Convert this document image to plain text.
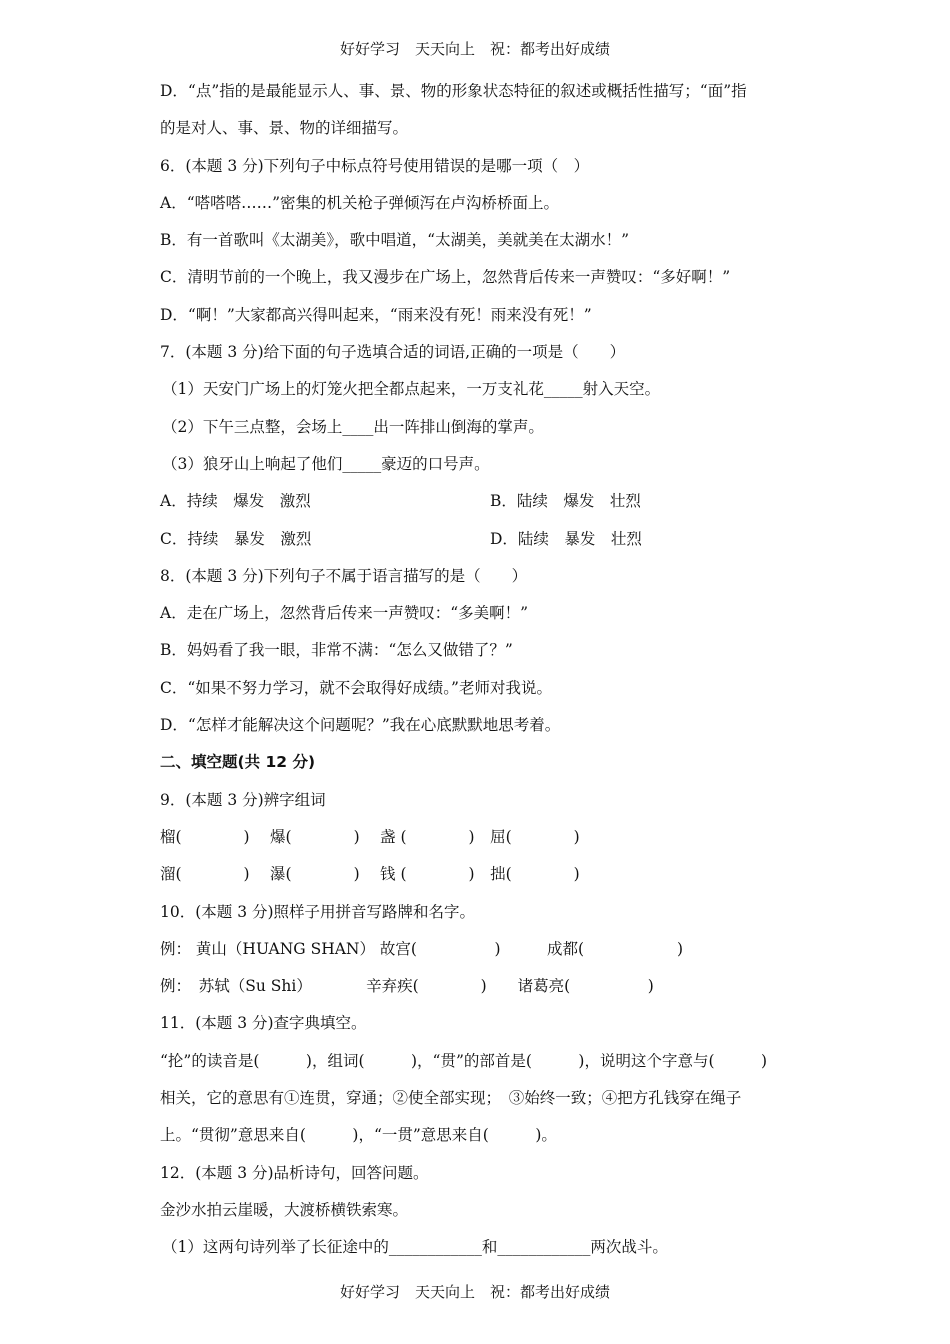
好好学习　天天向上　祝：都考出好成绩
D．“点”指的是最能显示人、事、景、物的形象状态特征的叙述或概括性描写；“面”指
的是对人、事、景、物的详细描写。
6．(本题 3 分)下列句子中标点符号使用错误的是哪一项（　）
A．“嗒嗒嗒……”密集的机关枪子弹倾泻在卢沟桥桥面上。
B．有一首歌叫《太湖美》，歌中唱道，“太湖美，美就美在太湖水！”
C．清明节前的一个晚上，我又漫步在广场上，忽然背后传来一声赞叹：“多好啊！”
D．“啊！”大家都高兴得叫起来，“雨来没有死！雨来没有死！”
7．(本题 3 分)给下面的句子选填合适的词语,正确的一项是（　　）
（1）天安门广场上的灯笼火把全都点起来，一万支礼花_____射入天空。
（2）下午三点整，会场上____出一阵排山倒海的掌声。
（3）狼牙山上响起了他们_____豪迈的口号声。
A．持续　爆发　激烈	B．陆续　爆发　壮烈
C．持续　暴发　激烈	D．陆续　暴发　壮烈
8．(本题 3 分)下列句子不属于语言描写的是（　　）
A．走在广场上，忽然背后传来一声赞叹：“多美啊！”
B．妈妈看了我一眼，非常不满：“怎么又做错了？”
C．“如果不努力学习，就不会取得好成绩。”老师对我说。
D．“怎样才能解决这个问题呢？”我在心底默默地思考着。
二、填空题(共 12 分)
9．(本题 3 分)辨字组词
榴(　　　　)　 爆(　　　　)　 盏 (　　　　)　屈(　　　　)
溜(　　　　)　 瀑(　　　　)　 钱 (　　　　)　拙(　　　　)
10．(本题 3 分)照样子用拼音写路牌和名字。
例： 黄山（HUANG SHAN） 故宫(　　　　　)　　　成都(　　　　　　)
例：　苏轼（Su Shi）　　　　辛弃疾(　　　　)　　诸葛亮(　　　　　)
11．(本题 3 分)查字典填空。
“抡”的读音是(　　　)，组词(　　　)，“贯”的部首是(　　　)，说明这个字意与(　　　)
相关，它的意思有①连贯，穿通；②使全部实现；　③始终一致；④把方孔钱穿在绳子
上。“贯彻”意思来自(　　　)，“一贯”意思来自(　　　)。
12．(本题 3 分)品析诗句，回答问题。
金沙水拍云崖暖，大渡桥横铁索寒。
（1）这两句诗列举了长征途中的____________和____________两次战斗。
好好学习　天天向上　祝：都考出好成绩
